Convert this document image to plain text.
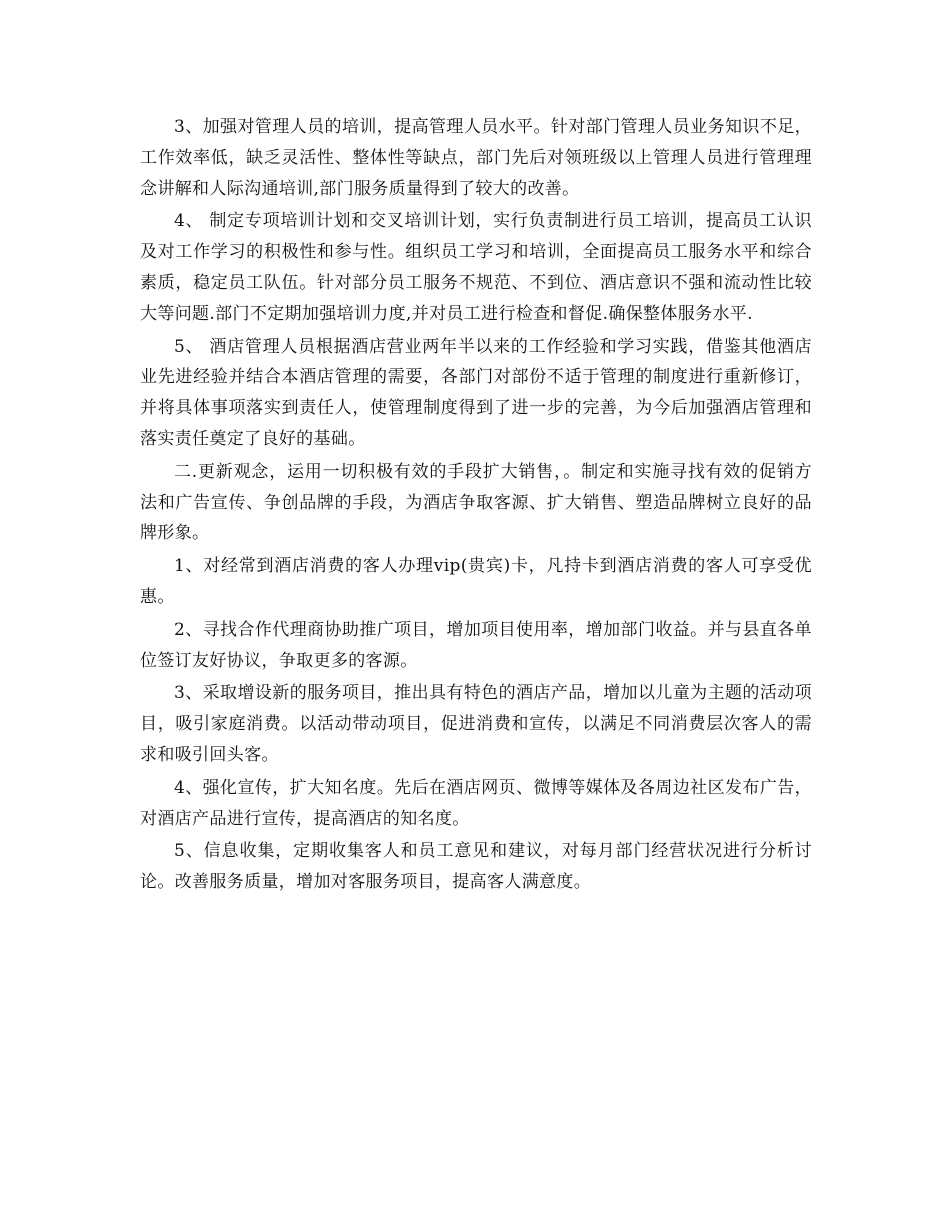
3、加强对管理人员的培训，提高管理人员水平。针对部门管理人员业务知识不足，工作效率低，缺乏灵活性、整体性等缺点，部门先后对领班级以上管理人员进行管理理念讲解和人际沟通培训,部门服务质量得到了较大的改善。

4、 制定专项培训计划和交叉培训计划，实行负责制进行员工培训，提高员工认识及对工作学习的积极性和参与性。组织员工学习和培训，全面提高员工服务水平和综合素质，稳定员工队伍。针对部分员工服务不规范、不到位、酒店意识不强和流动性比较大等问题.部门不定期加强培训力度,并对员工进行检查和督促.确保整体服务水平.

5、 酒店管理人员根据酒店营业两年半以来的工作经验和学习实践，借鉴其他酒店业先进经验并结合本酒店管理的需要，各部门对部份不适于管理的制度进行重新修订，并将具体事项落实到责任人，使管理制度得到了进一步的完善，为今后加强酒店管理和落实责任奠定了良好的基础。

二.更新观念，运用一切积极有效的手段扩大销售，。制定和实施寻找有效的促销方法和广告宣传、争创品牌的手段，为酒店争取客源、扩大销售、塑造品牌树立良好的品牌形象。

1、对经常到酒店消费的客人办理vip(贵宾)卡，凡持卡到酒店消费的客人可享受优惠。

2、寻找合作代理商协助推广项目，增加项目使用率，增加部门收益。并与县直各单位签订友好协议，争取更多的客源。

3、采取增设新的服务项目，推出具有特色的酒店产品，增加以儿童为主题的活动项目，吸引家庭消费。以活动带动项目，促进消费和宣传，以满足不同消费层次客人的需求和吸引回头客。

4、强化宣传，扩大知名度。先后在酒店网页、微博等媒体及各周边社区发布广告，对酒店产品进行宣传，提高酒店的知名度。

5、信息收集，定期收集客人和员工意见和建议，对每月部门经营状况进行分析讨论。改善服务质量，增加对客服务项目，提高客人满意度。
